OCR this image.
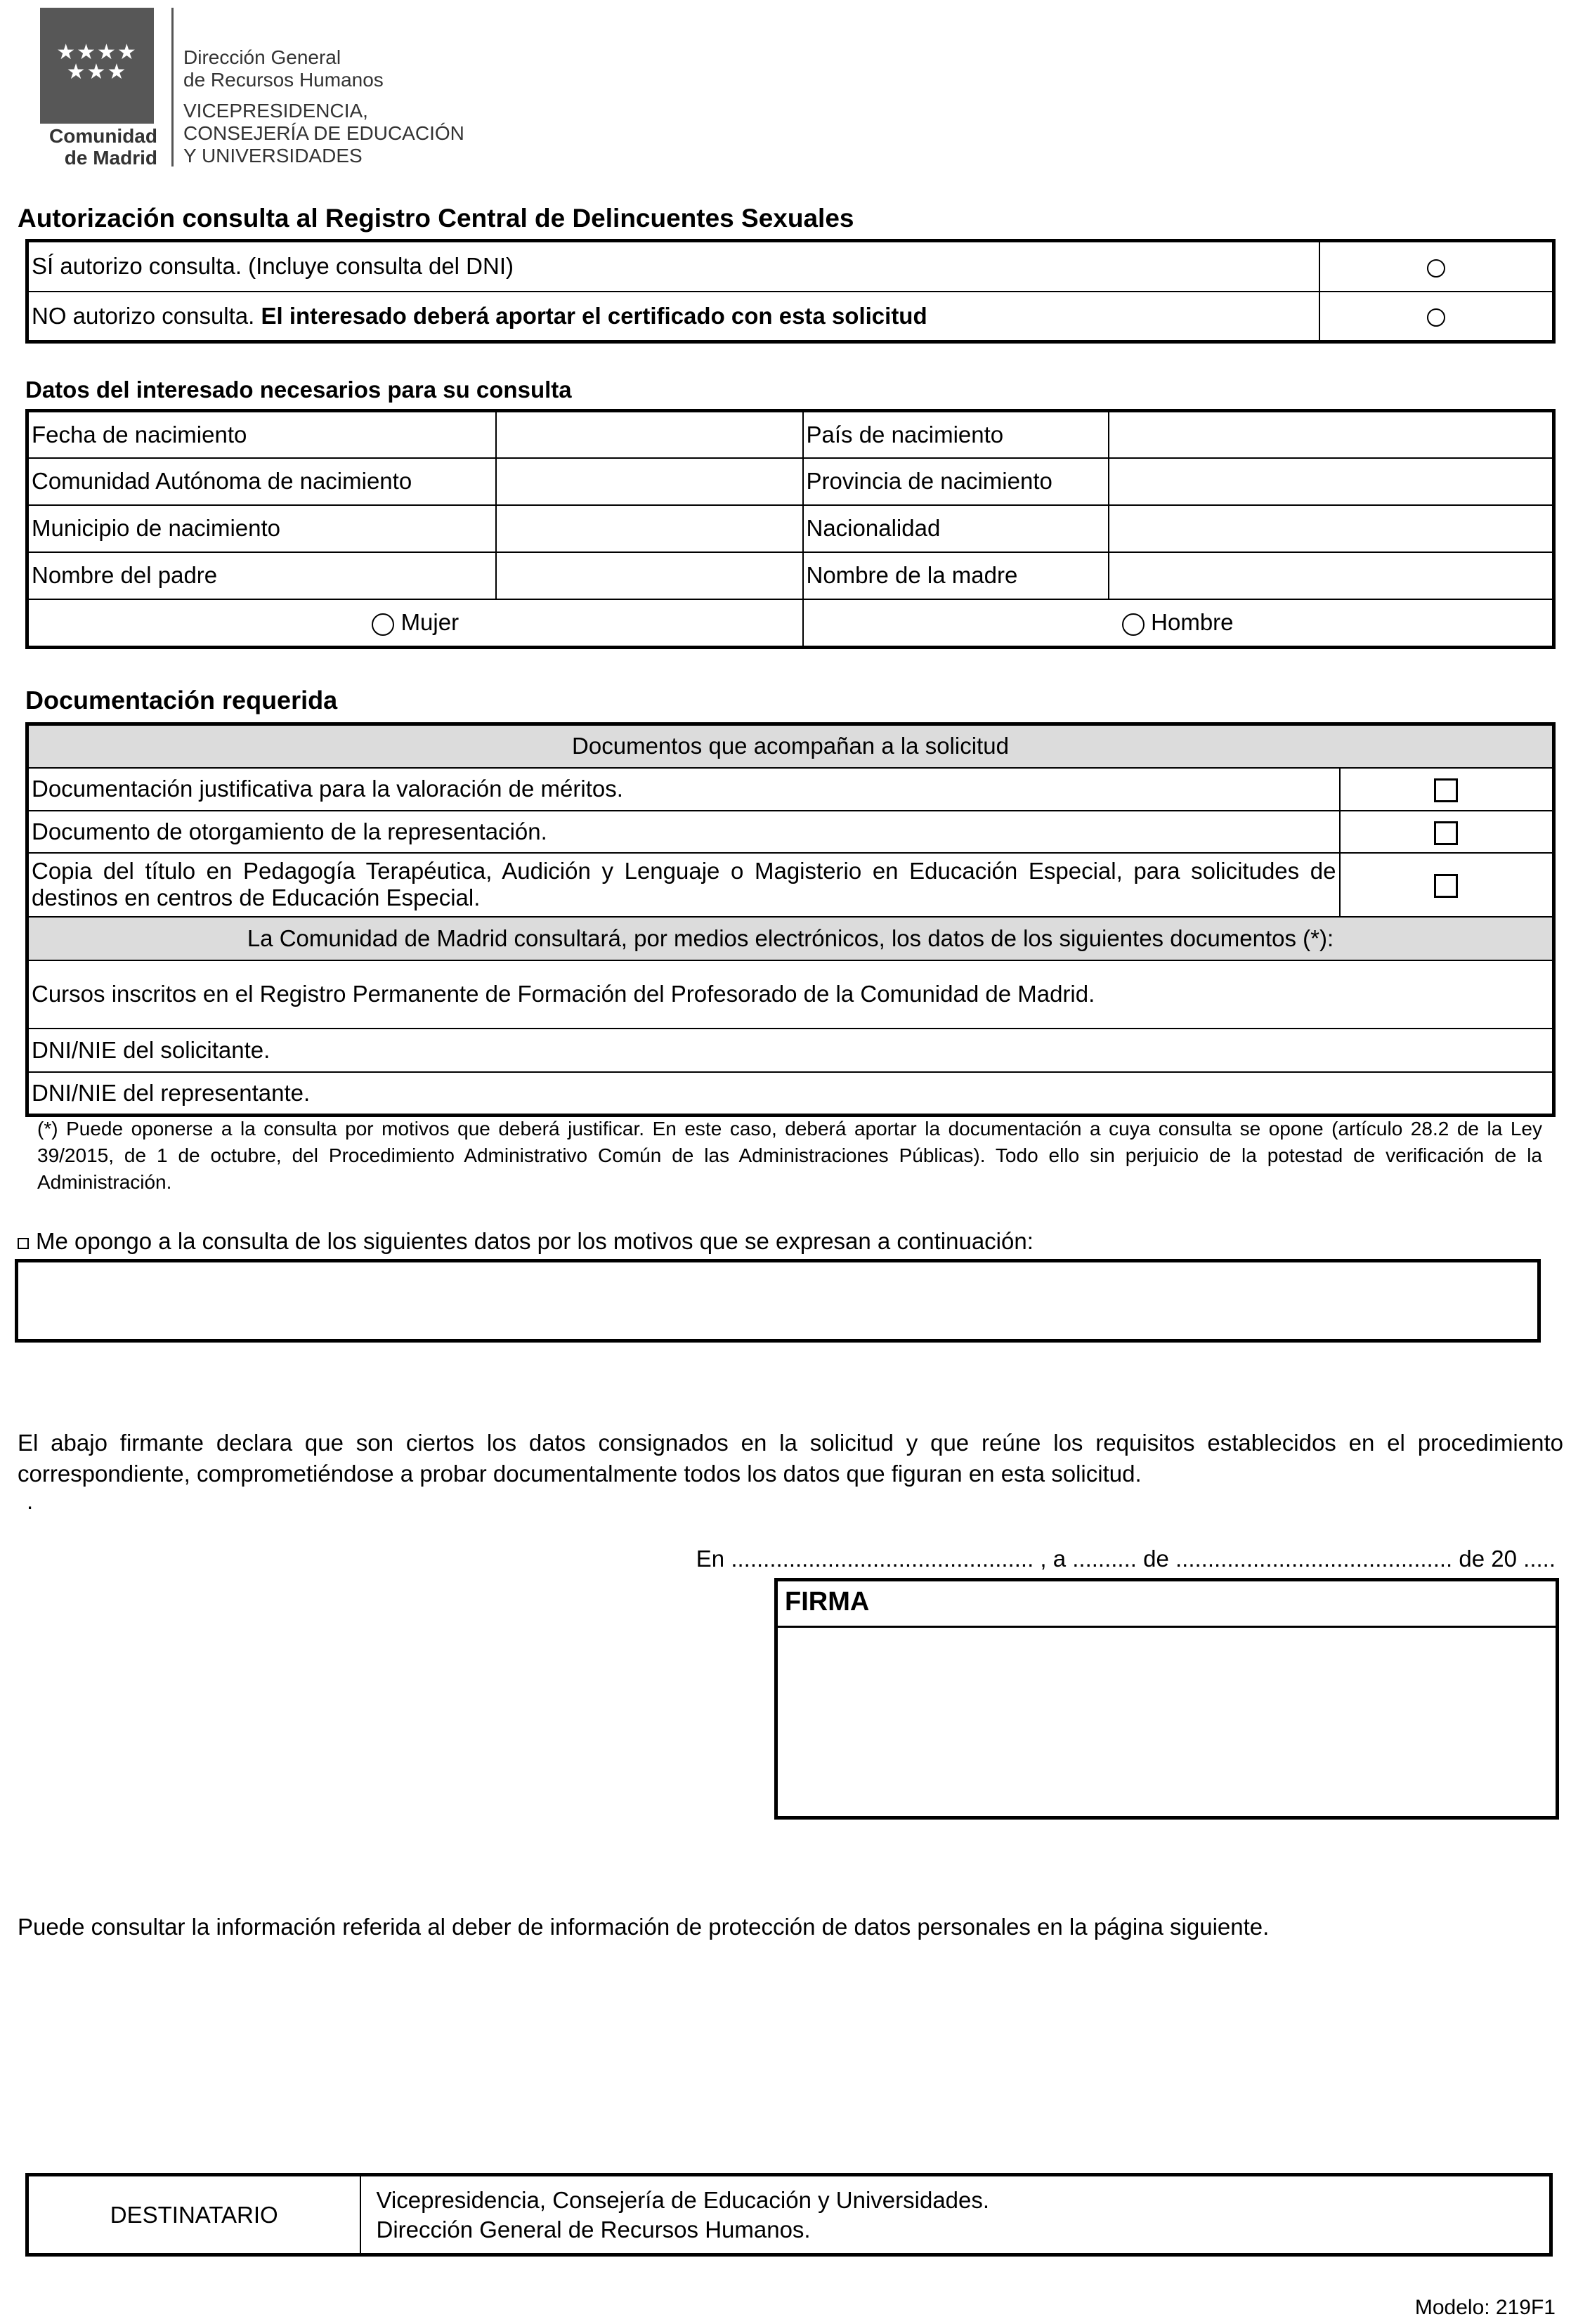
★★★★ ★★★
Comunidad
de Madrid
Dirección General
de Recursos Humanos
VICEPRESIDENCIA,
CONSEJERÍA DE EDUCACIÓN
Y UNIVERSIDADES
Autorización consulta al Registro Central de Delincuentes Sexuales
SÍ autorizo consulta. (Incluye consulta del DNI)	
NO autorizo consulta. El interesado deberá aportar el certificado con esta solicitud	
Datos del interesado necesarios para su consulta
Fecha de nacimiento		País de nacimiento	
Comunidad Autónoma de nacimiento		Provincia de nacimiento	
Municipio de nacimiento		Nacionalidad	
Nombre del padre		Nombre de la madre	
Mujer		Hombre	
Documentación requerida
Documentos que acompañan a la solicitud	
Documentación justificativa para la valoración de méritos.	
Documento de otorgamiento de la representación.	
Copia del título en Pedagogía Terapéutica, Audición y Lenguaje o Magisterio en Educación Especial, para solicitudes de destinos en centros de Educación Especial.	
La Comunidad de Madrid consultará, por medios electrónicos, los datos de los siguientes documentos (*):	
Cursos inscritos en el Registro Permanente de Formación del Profesorado de la Comunidad de Madrid.	
DNI/NIE del solicitante.	
DNI/NIE del representante.	
(*) Puede oponerse a la consulta por motivos que deberá justificar. En este caso, deberá aportar la documentación a cuya consulta se opone (artículo 28.2 de la Ley 39/2015, de 1 de octubre, del Procedimiento Administrativo Común de las Administraciones Públicas). Todo ello sin perjuicio de la potestad de verificación de la Administración.
Me opongo a la consulta de los siguientes datos por los motivos que se expresan a continuación:
El abajo firmante declara que son ciertos los datos consignados en la solicitud y que reúne los requisitos establecidos en el procedimiento correspondiente, comprometiéndose a probar documentalmente todos los datos que figuran en esta solicitud.
.
En ............................................... , a .......... de ........................................... de 20 .....
FIRMA
Puede consultar la información referida al deber de información de protección de datos personales en la página siguiente.
DESTINATARIO	
Vicepresidencia, Consejería de Educación y Universidades.
Dirección General de Recursos Humanos.
Modelo: 219F1
